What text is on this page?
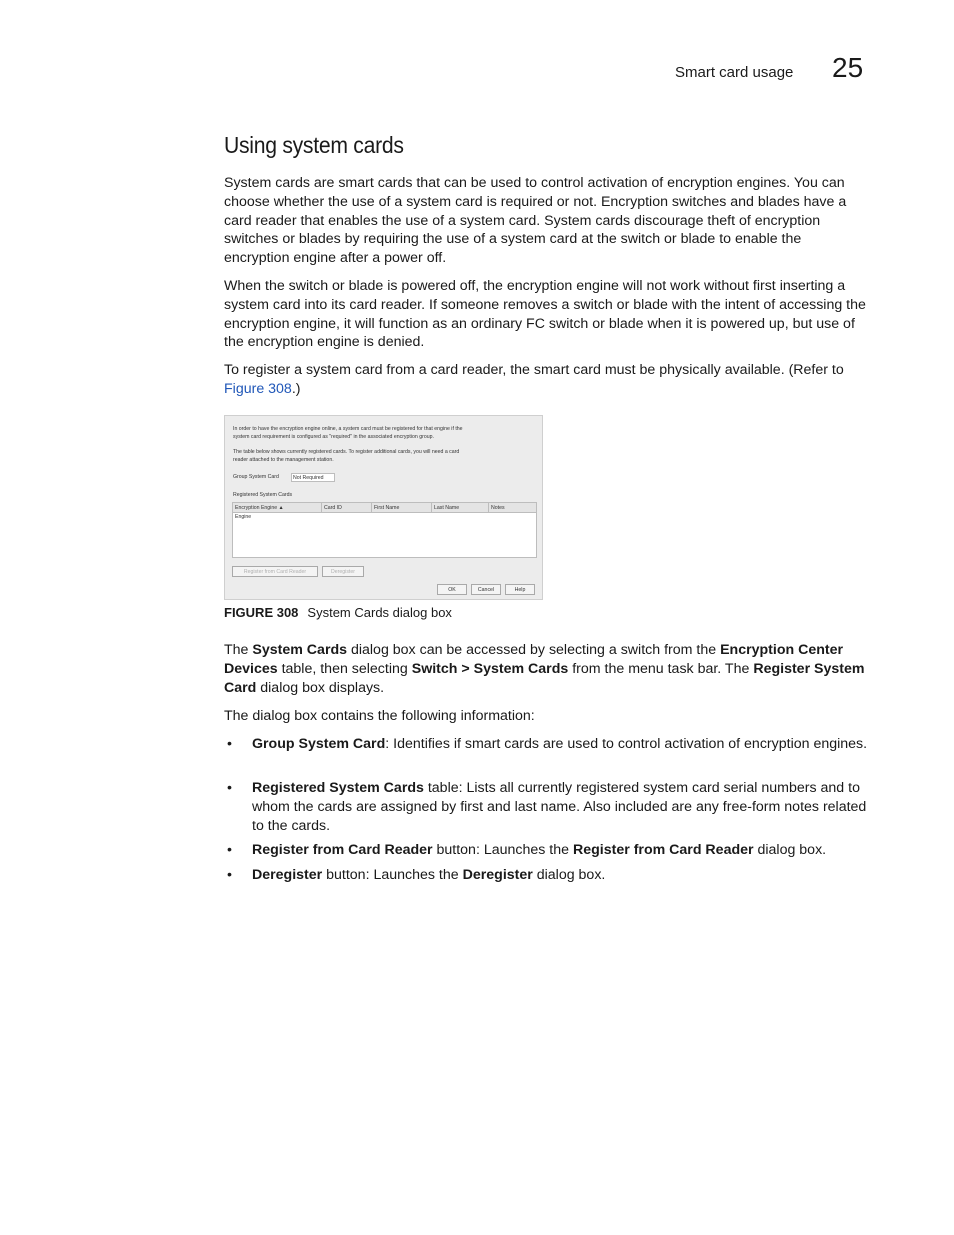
Smart card usage 25
Using system cards

System cards are smart cards that can be used to control activation of encryption engines. You can choose whether the use of a system card is required or not. Encryption switches and blades have a card reader that enables the use of a system card. System cards discourage theft of encryption switches or blades by requiring the use of a system card at the switch or blade to enable the encryption engine after a power off.

When the switch or blade is powered off, the encryption engine will not work without first inserting a system card into its card reader. If someone removes a switch or blade with the intent of accessing the encryption engine, it will function as an ordinary FC switch or blade when it is powered up, but use of the encryption engine is denied.

To register a system card from a card reader, the smart card must be physically available. (Refer to Figure 308.)

In order to have the encryption engine online, a system card must be registered for that engine if the
system card requirement is configured as "required" in the associated encryption group.
The table below shows currently registered cards. To register additional cards, you will need a card
reader attached to the management station.
Group System Card	Not Required
Registered System Cards
Encryption Engine ▲	Card ID	First Name	Last Name	Notes
Engine
Register from Card Reader	Deregister
OK	Cancel	Help
FIGURE 308 System Cards dialog box

The System Cards dialog box can be accessed by selecting a switch from the Encryption Center Devices table, then selecting Switch > System Cards from the menu task bar. The Register System Card dialog box displays.

The dialog box contains the following information:

• Group System Card: Identifies if smart cards are used to control activation of encryption engines.
• Registered System Cards table: Lists all currently registered system card serial numbers and to whom the cards are assigned by first and last name. Also included are any free-form notes related to the cards.
• Register from Card Reader button: Launches the Register from Card Reader dialog box.
• Deregister button: Launches the Deregister dialog box.
